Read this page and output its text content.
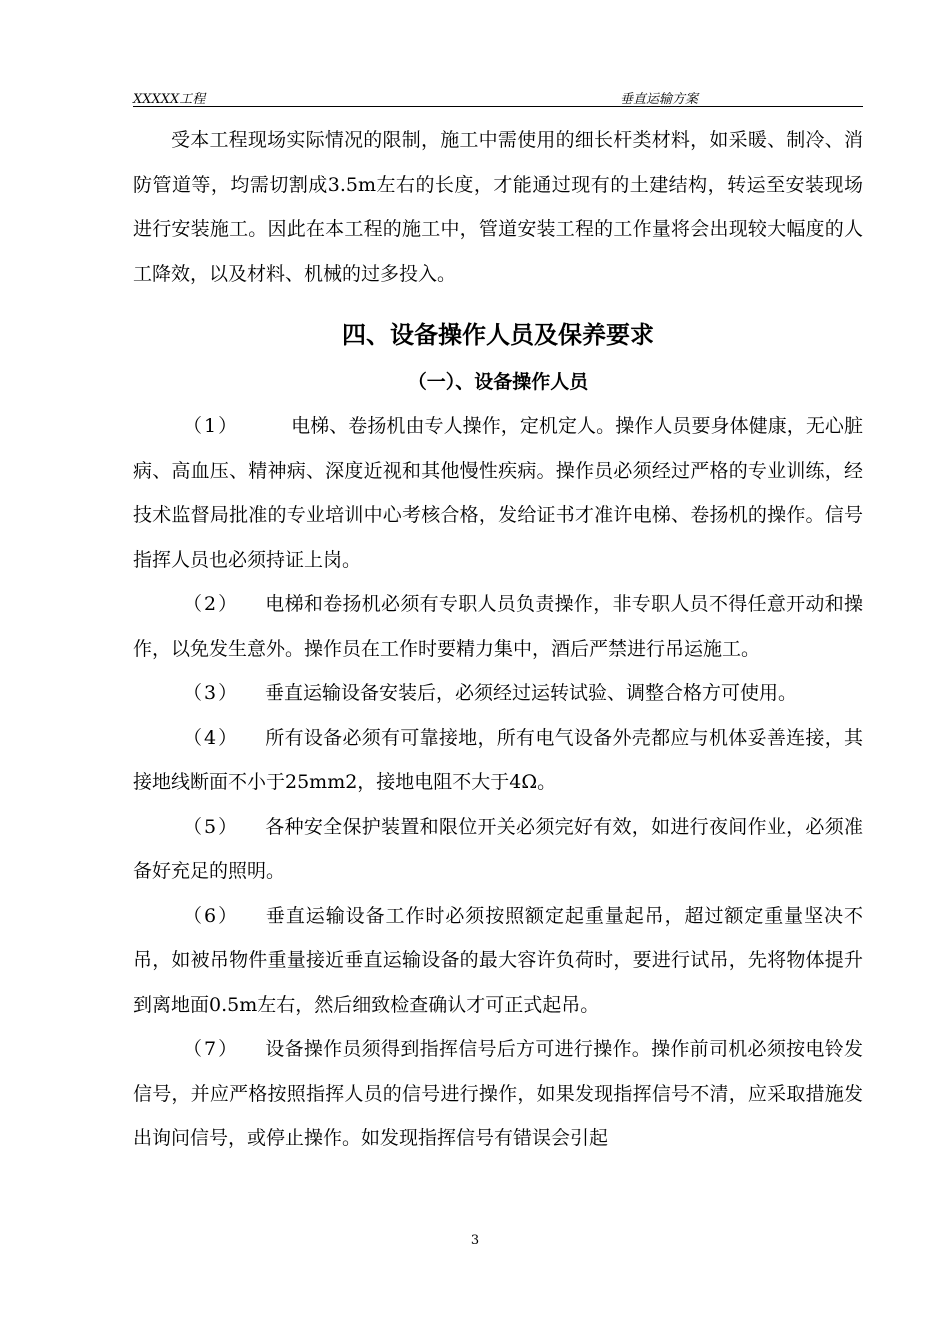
XXXXX工程	垂直运输方案

受本工程现场实际情况的限制，施工中需使用的细长杆类材料，如采暖、制冷、消防管道等，均需切割成3.5m左右的长度，才能通过现有的土建结构，转运至安装现场进行安装施工。因此在本工程的施工中，管道安装工程的工作量将会出现较大幅度的人工降效，以及材料、机械的过多投入。

四、设备操作人员及保养要求
（一）、设备操作人员

（1）	电梯、卷扬机由专人操作，定机定人。操作人员要身体健康，无心脏病、高血压、精神病、深度近视和其他慢性疾病。操作员必须经过严格的专业训练，经技术监督局批准的专业培训中心考核合格，发给证书才准许电梯、卷扬机的操作。信号指挥人员也必须持证上岗。

（2） 电梯和卷扬机必须有专职人员负责操作，非专职人员不得任意开动和操作，以免发生意外。操作员在工作时要精力集中，酒后严禁进行吊运施工。

（3） 垂直运输设备安装后，必须经过运转试验、调整合格方可使用。

（4） 所有设备必须有可靠接地，所有电气设备外壳都应与机体妥善连接，其接地线断面不小于25mm2，接地电阻不大于4Ω。

（5） 各种安全保护装置和限位开关必须完好有效，如进行夜间作业，必须准备好充足的照明。

（6） 垂直运输设备工作时必须按照额定起重量起吊，超过额定重量坚决不吊，如被吊物件重量接近垂直运输设备的最大容许负荷时，要进行试吊，先将物体提升到离地面0.5m左右，然后细致检查确认才可正式起吊。

（7） 设备操作员须得到指挥信号后方可进行操作。操作前司机必须按电铃发信号，并应严格按照指挥人员的信号进行操作，如果发现指挥信号不清，应采取措施发出询问信号，或停止操作。如发现指挥信号有错误会引起

3
